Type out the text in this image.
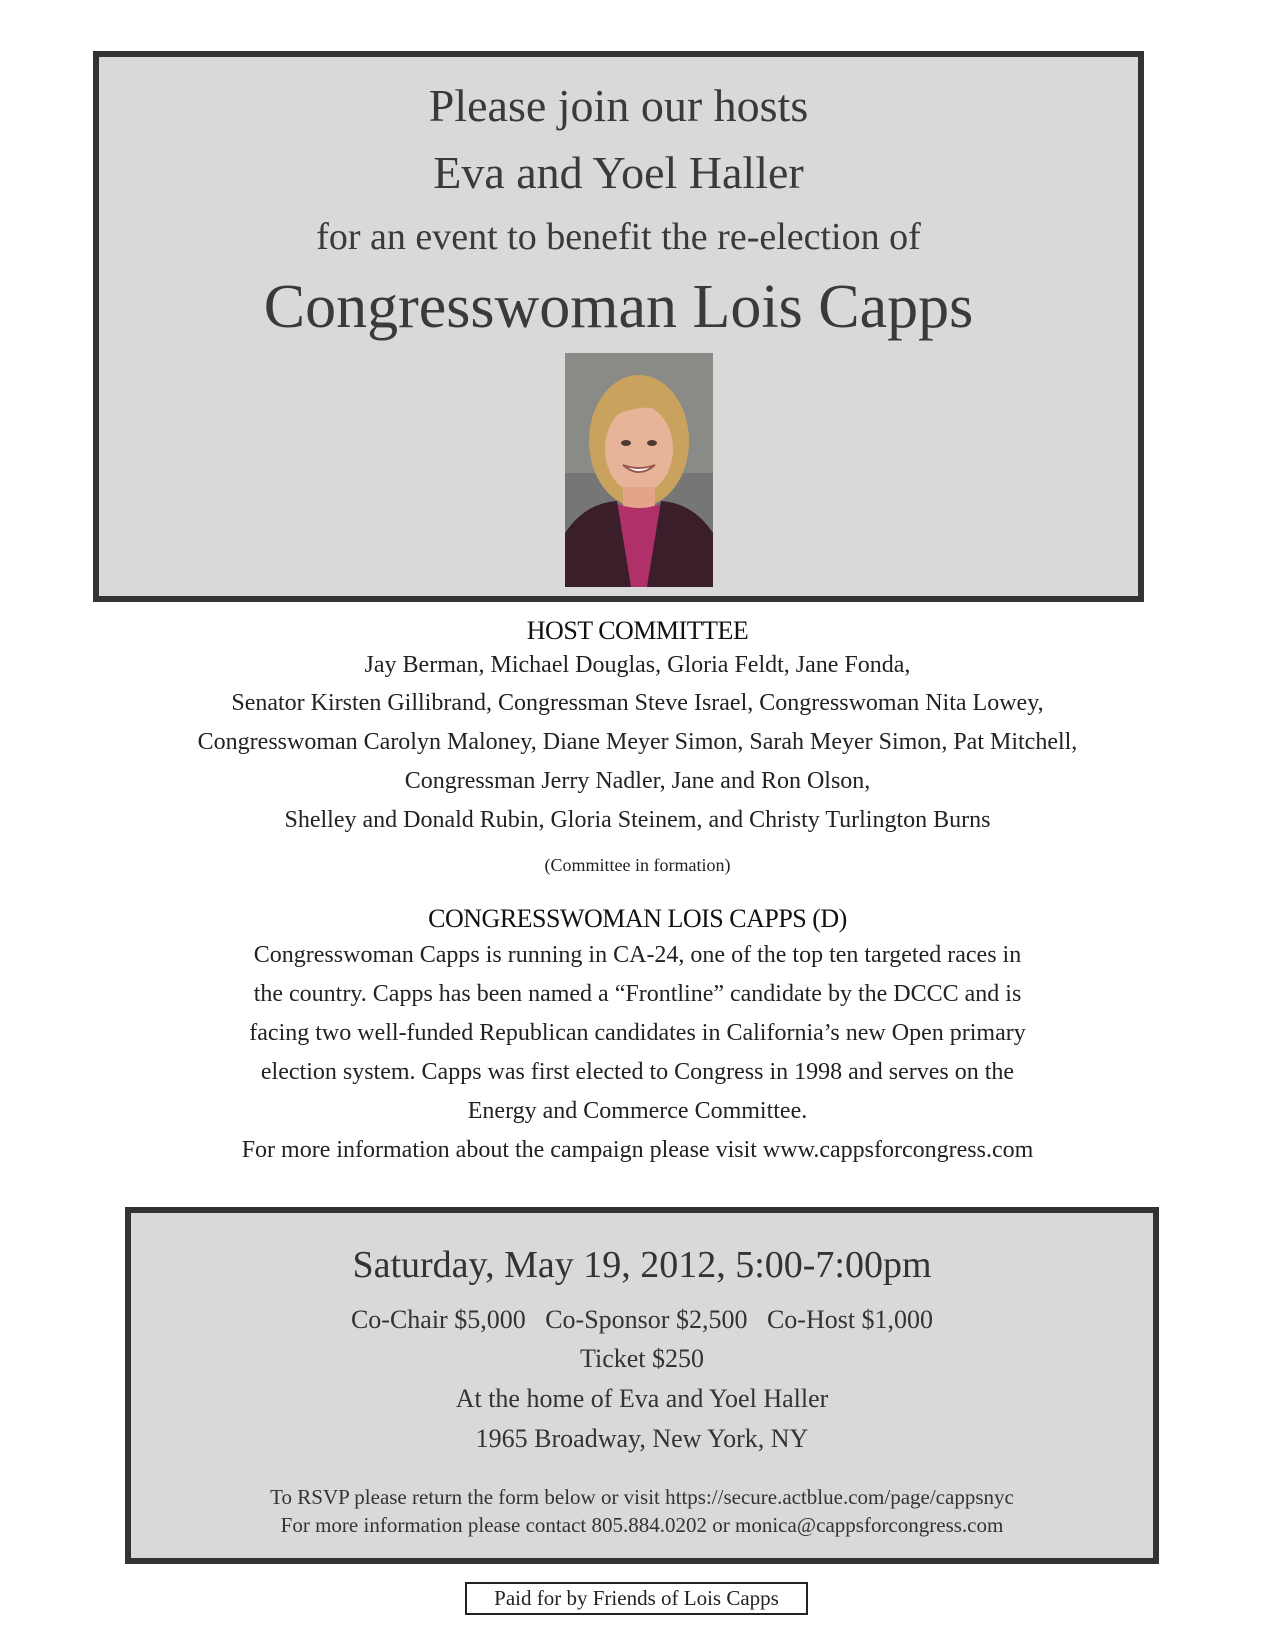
Please join our hosts
Eva and Yoel Haller
for an event to benefit the re-election of
Congresswoman Lois Capps
HOST COMMITTEE
Jay Berman, Michael Douglas, Gloria Feldt, Jane Fonda,
Senator Kirsten Gillibrand, Congressman Steve Israel, Congresswoman Nita Lowey,
Congresswoman Carolyn Maloney, Diane Meyer Simon, Sarah Meyer Simon, Pat Mitchell,
Congressman Jerry Nadler, Jane and Ron Olson,
Shelley and Donald Rubin, Gloria Steinem, and Christy Turlington Burns
(Committee in formation)
CONGRESSWOMAN LOIS CAPPS (D)
Congresswoman Capps is running in CA-24, one of the top ten targeted races in
the country. Capps has been named a “Frontline” candidate by the DCCC and is
facing two well-funded Republican candidates in California’s new Open primary
election system. Capps was first elected to Congress in 1998 and serves on the
Energy and Commerce Committee.
For more information about the campaign please visit www.cappsforcongress.com
Saturday, May 19, 2012, 5:00-7:00pm
Co-Chair $5,000   Co-Sponsor $2,500   Co-Host $1,000
Ticket $250
At the home of Eva and Yoel Haller
1965 Broadway, New York, NY
To RSVP please return the form below or visit https://secure.actblue.com/page/cappsnyc
For more information please contact 805.884.0202 or monica@cappsforcongress.com
Paid for by Friends of Lois Capps
